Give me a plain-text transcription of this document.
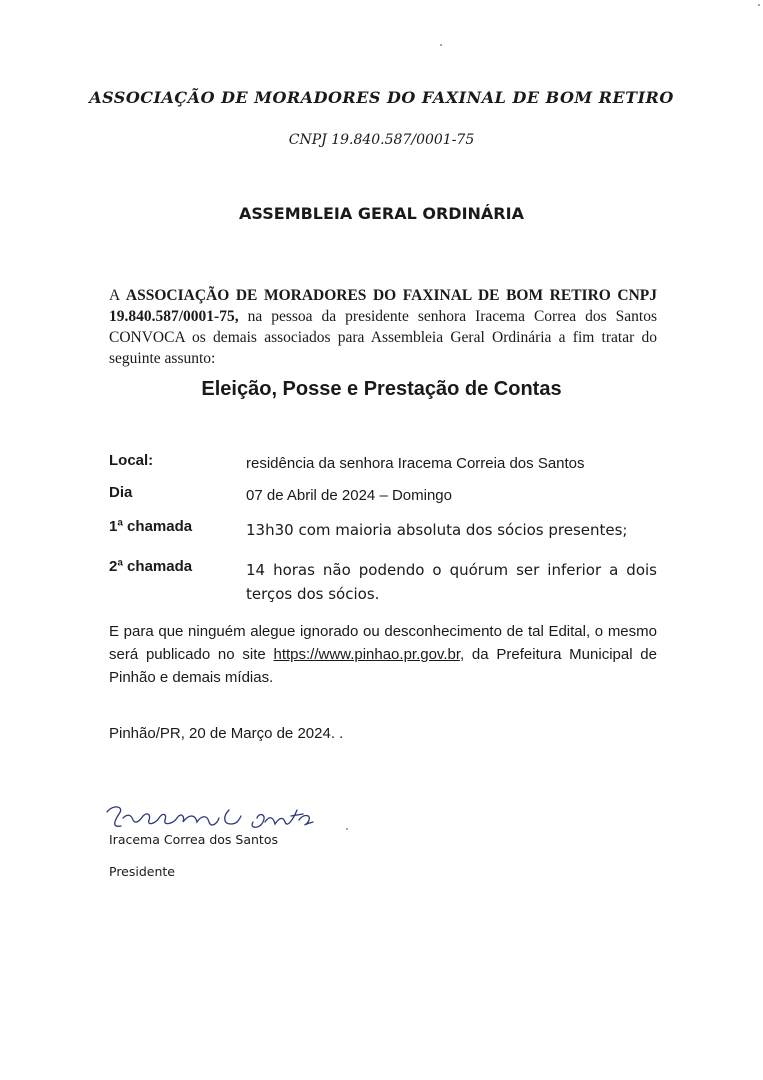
ASSOCIAÇÃO DE MORADORES DO FAXINAL DE BOM RETIRO
CNPJ 19.840.587/0001-75
ASSEMBLEIA GERAL ORDINÁRIA
A ASSOCIAÇÃO DE MORADORES DO FAXINAL DE BOM RETIRO CNPJ 19.840.587/0001-75, na pessoa da presidente senhora Iracema Correa dos Santos CONVOCA os demais associados para Assembleia Geral Ordinária a fim tratar do seguinte assunto:
Eleição, Posse e Prestação de Contas
Local:	residência da senhora Iracema Correia dos Santos
Dia	07 de Abril de 2024 – Domingo
1ª chamada	13h30 com maioria absoluta dos sócios presentes;
2ª chamada	14 horas não podendo o quórum ser inferior a dois terços dos sócios.
E para que ninguém alegue ignorado ou desconhecimento de tal Edital, o mesmo será publicado no site https://www.pinhao.pr.gov.br, da Prefeitura Municipal de Pinhão e demais mídias.
Pinhão/PR, 20 de Março de 2024. .
Iracema Correa dos Santos
Presidente
